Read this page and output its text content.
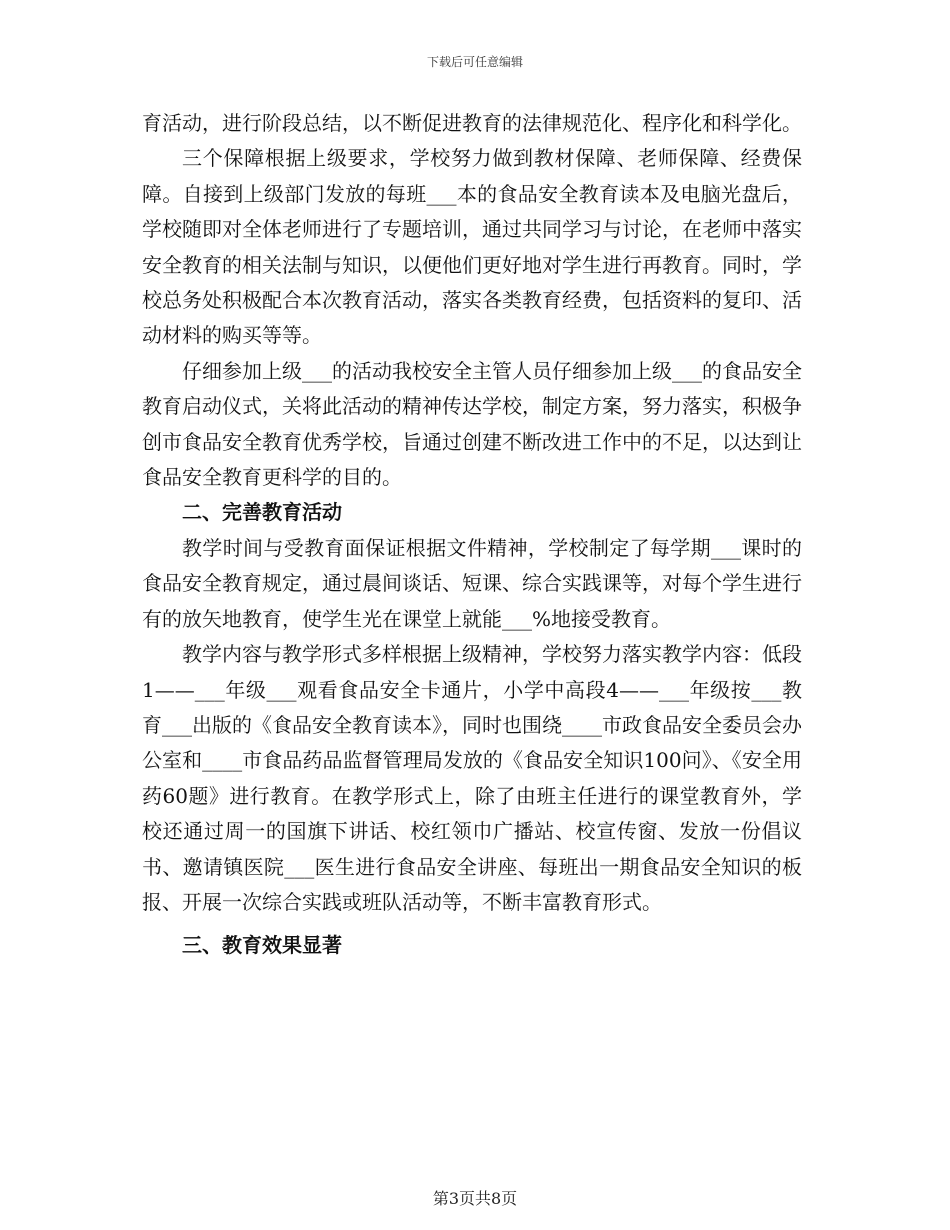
下载后可任意编辑

育活动，进行阶段总结，以不断促进教育的法律规范化、程序化和科学化。

三个保障根据上级要求，学校努力做到教材保障、老师保障、经费保障。自接到上级部门发放的每班___本的食品安全教育读本及电脑光盘后，学校随即对全体老师进行了专题培训，通过共同学习与讨论，在老师中落实安全教育的相关法制与知识，以便他们更好地对学生进行再教育。同时，学校总务处积极配合本次教育活动，落实各类教育经费，包括资料的复印、活动材料的购买等等。

仔细参加上级___的活动我校安全主管人员仔细参加上级___的食品安全教育启动仪式，关将此活动的精神传达学校，制定方案，努力落实，积极争创市食品安全教育优秀学校，旨通过创建不断改进工作中的不足，以达到让食品安全教育更科学的目的。

二、完善教育活动

教学时间与受教育面保证根据文件精神，学校制定了每学期___课时的食品安全教育规定，通过晨间谈话、短课、综合实践课等，对每个学生进行有的放矢地教育，使学生光在课堂上就能___%地接受教育。

教学内容与教学形式多样根据上级精神，学校努力落实教学内容：低段1——___年级___观看食品安全卡通片，小学中高段4——___年级按___教育___出版的《食品安全教育读本》，同时也围绕____市政食品安全委员会办公室和____市食品药品监督管理局发放的《食品安全知识100问》、《安全用药60题》进行教育。在教学形式上，除了由班主任进行的课堂教育外，学校还通过周一的国旗下讲话、校红领巾广播站、校宣传窗、发放一份倡议书、邀请镇医院___医生进行食品安全讲座、每班出一期食品安全知识的板报、开展一次综合实践或班队活动等，不断丰富教育形式。

三、教育效果显著
第3页共8页
